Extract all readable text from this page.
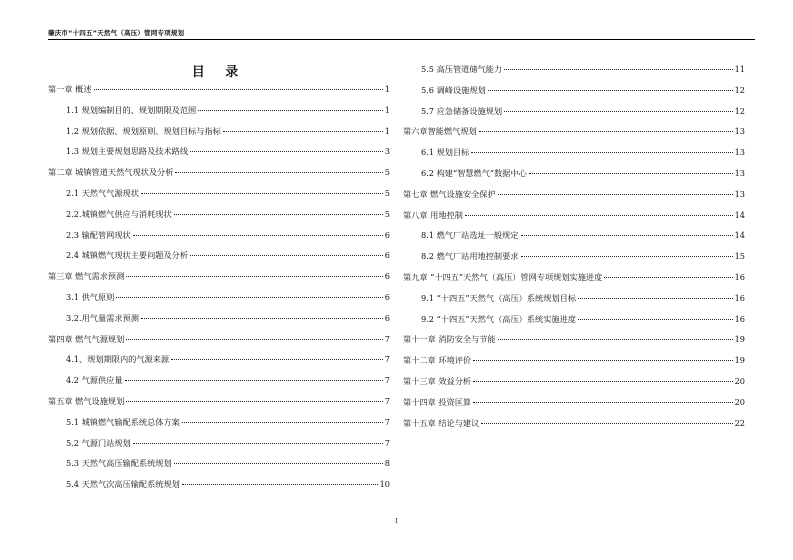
肇庆市“十四五”天然气（高压）管网专项规划
目 录
第一章 概述	1
1.1 规划编制目的、规划期限及范围	1
1.2 规划依据、规划原则、规划目标与指标	1
1.3 规划主要规划思路及技术路线	3
第二章 城镇管道天然气现状及分析	5
2.1 天然气气源现状	5
2.2.城镇燃气供应与消耗现状	5
2.3 输配管网现状	6
2.4 城镇燃气现状主要问题及分析	6
第三章 燃气需求预测	6
3.1 供气原则	6
3.2.用气量需求预测	6
第四章 燃气气源规划	7
4.1、规划期限内的气源来源	7
4.2 气源供应量	7
第五章 燃气设施规划	7
5.1 城镇燃气输配系统总体方案	7
5.2 气源门站规划	7
5.3 天然气高压输配系统规划	8
5.4 天然气次高压输配系统规划	10
5.5 高压管道储气能力	11
5.6 调峰设施规划	12
5.7 应急储备设施规划	12
第六章智能燃气规划	13
6.1 规划目标	13
6.2 构建“智慧燃气”数据中心	13
第七章 燃气设施安全保护	13
第八章 用地控制	14
8.1 燃气厂站选址一般规定	14
8.2 燃气厂站用地控制要求	15
第九章 “十四五”天然气（高压）管网专项规划实施进度	16
9.1 “十四五”天然气（高压）系统规划目标	16
9.2 “十四五”天然气（高压）系统实施进度	16
第十一章 消防安全与节能	19
第十二章 环境评价	19
第十三章 效益分析	20
第十四章 投资匡算	20
第十五章 结论与建议	22
I
